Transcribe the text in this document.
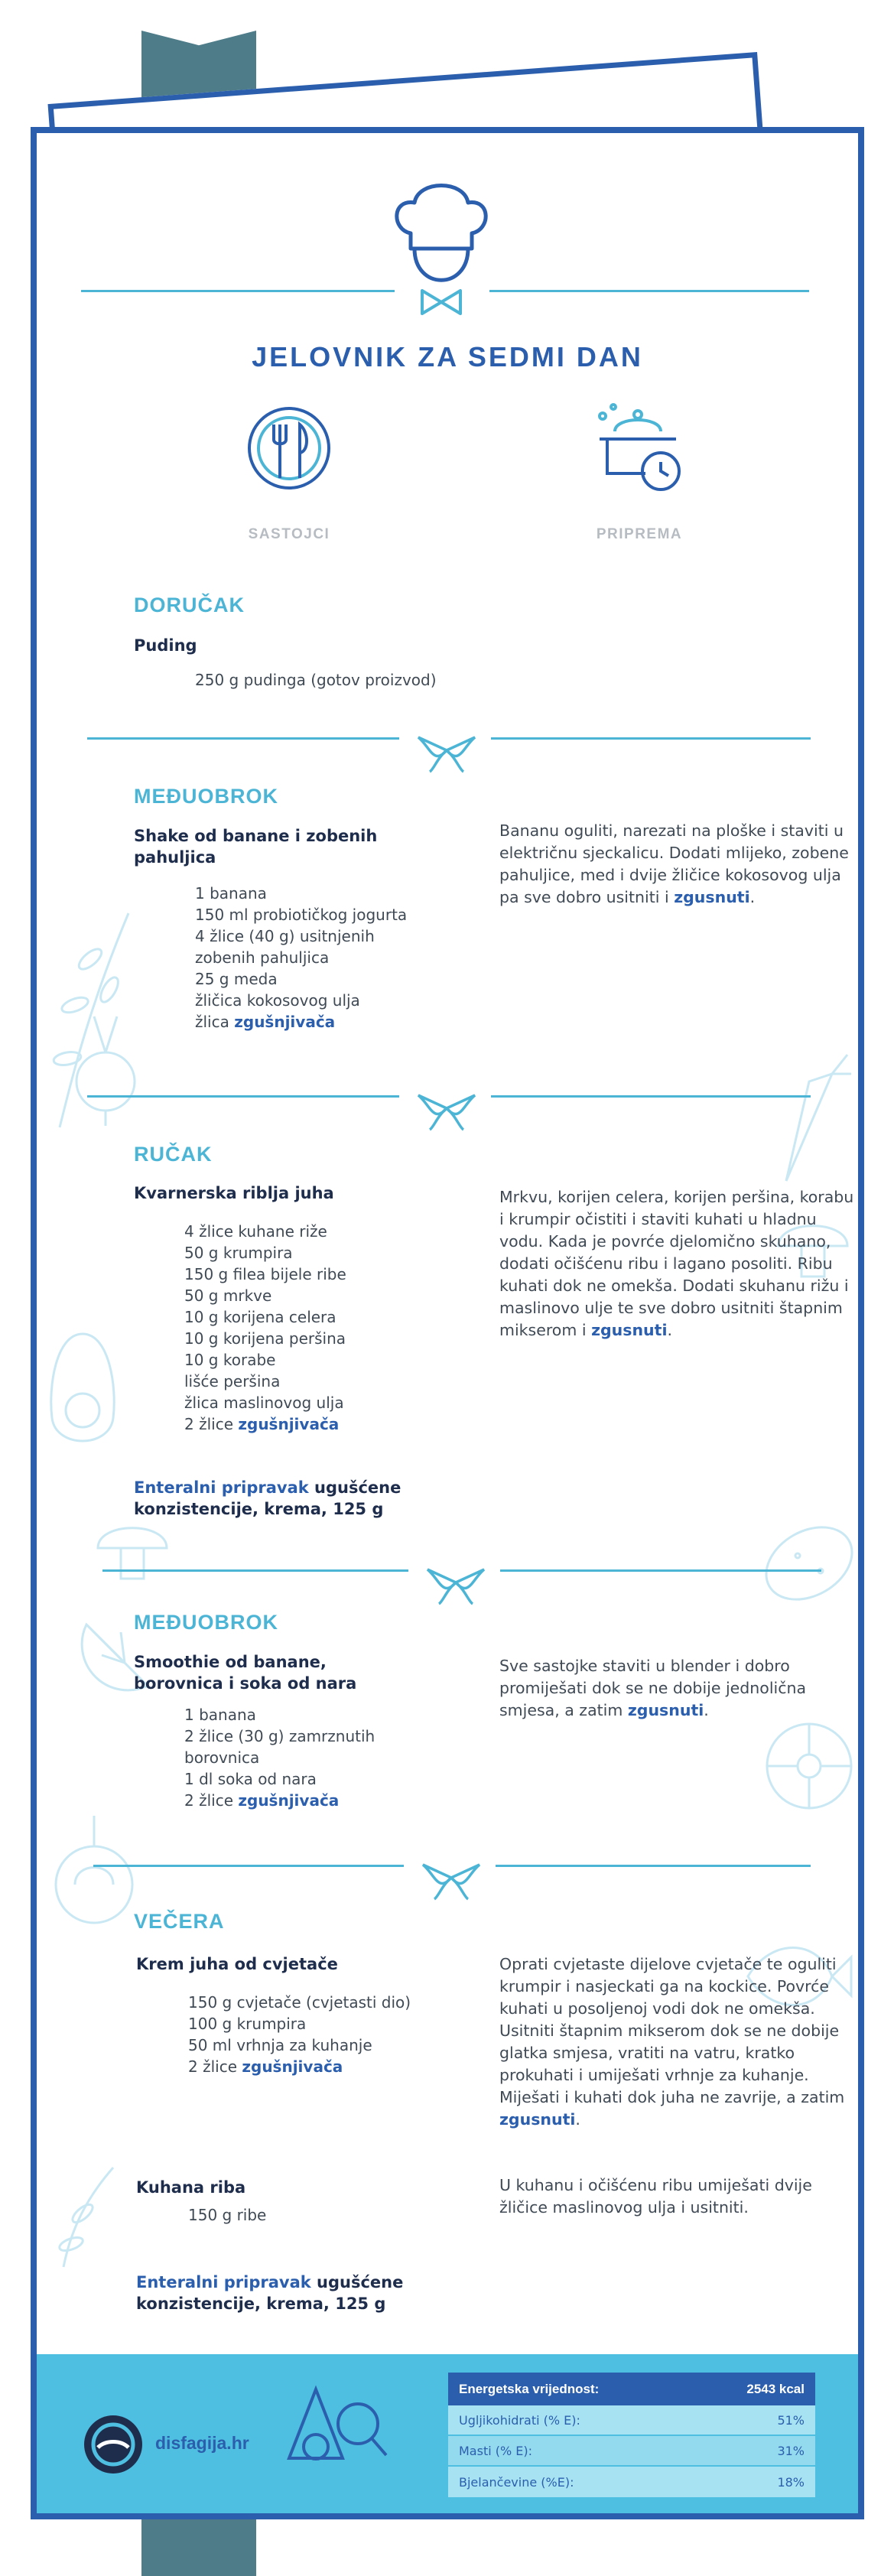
JELOVNIK ZA SEDMI DAN
SASTOJCI	PRIPREMA
DORUČAK
Puding
250 g pudinga (gotov proizvod)
MEĐUOBROK
Shake od banane i zobenih pahuljica
1 banana
150 ml probiotičkog jogurta
4 žlice (40 g) usitnjenih
zobenih pahuljica
25 g meda
žličica kokosovog ulja
žlica zgušnjivača

Bananu oguliti, narezati na ploške i staviti u električnu sjeckalicu. Dodati mlijeko, zobene pahuljice, med i dvije žličice kokosovog ulja pa sve dobro usitniti i zgusnuti.

RUČAK
Kvarnerska riblja juha
4 žlice kuhane riže
50 g krumpira
150 g filea bijele ribe
50 g mrkve
10 g korijena celera
10 g korijena peršina
10 g korabe
lišće peršina
žlica maslinovog ulja
2 žlice zgušnjivača

Mrkvu, korijen celera, korijen peršina, korabu i krumpir očistiti i staviti kuhati u hladnu vodu. Kada je povrće djelomično skuhano, dodati očišćenu ribu i lagano posoliti. Ribu kuhati dok ne omekša. Dodati skuhanu rižu i maslinovo ulje te sve dobro usitniti štapnim mikserom i zgusnuti.

Enteralni pripravak ugušćene konzistencije, krema, 125 g

MEĐUOBROK
Smoothie od banane, borovnica i soka od nara
1 banana
2 žlice (30 g) zamrznutih
borovnica
1 dl soka od nara
2 žlice zgušnjivača

Sve sastojke staviti u blender i dobro promiješati dok se ne dobije jednolična smjesa, a zatim zgusnuti.

VEČERA
Krem juha od cvjetače
150 g cvjetače (cvjetasti dio)
100 g krumpira
50 ml vrhnja za kuhanje
2 žlice zgušnjivača

Oprati cvjetaste dijelove cvjetače te oguliti krumpir i nasjeckati ga na kockice. Povrće kuhati u posoljenoj vodi dok ne omekša. Usitniti štapnim mikserom dok se ne dobije glatka smjesa, vratiti na vatru, kratko prokuhati i umiješati vrhnje za kuhanje. Miješati i kuhati dok juha ne zavrije, a zatim zgusnuti.

Kuhana riba
150 g ribe

U kuhanu i očišćenu ribu umiješati dvije žličice maslinovog ulja i usitniti.

Enteralni pripravak ugušćene konzistencije, krema, 125 g

disfagija.hr
Energetska vrijednost:	2543 kcal
Ugljikohidrati (% E):	51%
Masti (% E):	31%
Bjelančevine (%E):	18%
